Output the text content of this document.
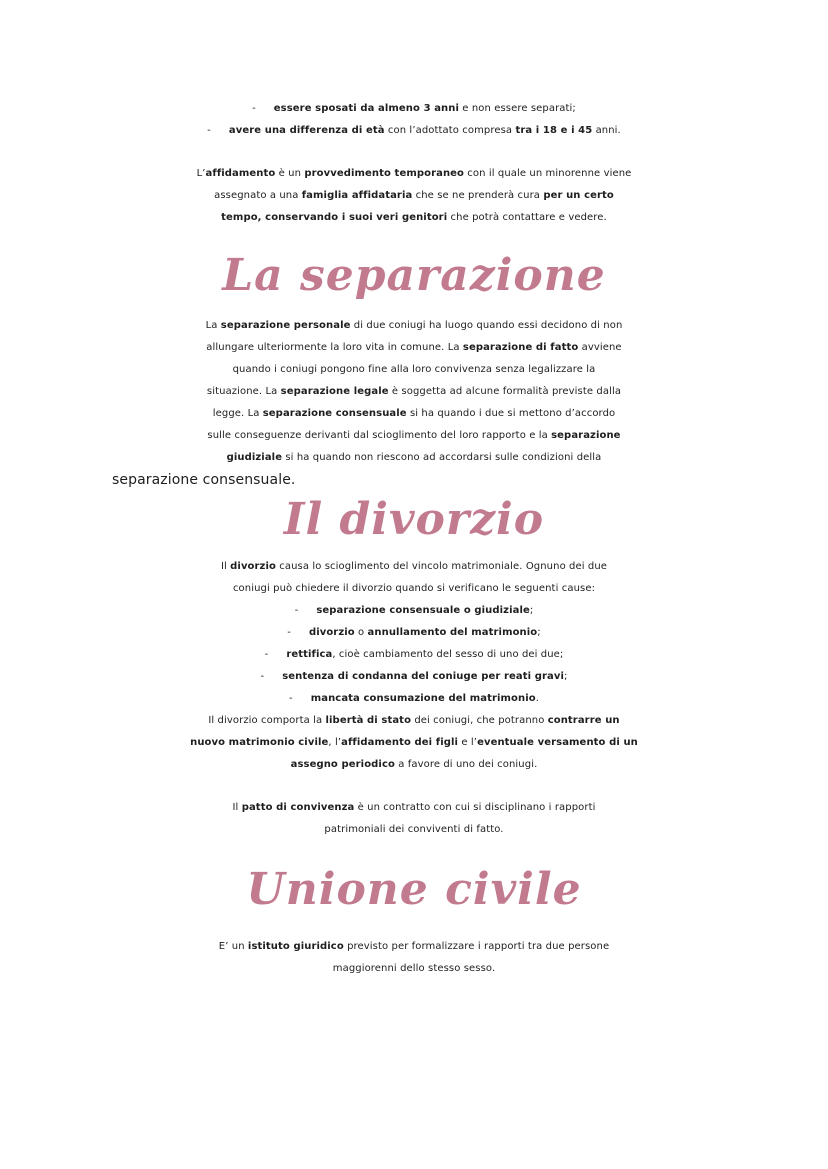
- essere sposati da almeno 3 anni e non essere separati;
- avere una differenza di età con l’adottato compresa tra i 18 e i 45 anni.
L’affidamento è un provvedimento temporaneo con il quale un minorenne viene
assegnato a una famiglia affidataria che se ne prenderà cura per un certo
tempo, conservando i suoi veri genitori che potrà contattare e vedere.
La separazione
La separazione personale di due coniugi ha luogo quando essi decidono di non
allungare ulteriormente la loro vita in comune. La separazione di fatto avviene
quando i coniugi pongono fine alla loro convivenza senza legalizzare la
situazione. La separazione legale è soggetta ad alcune formalità previste dalla
legge. La separazione consensuale si ha quando i due si mettono d’accordo
sulle conseguenze derivanti dal scioglimento del loro rapporto e la separazione
giudiziale si ha quando non riescono ad accordarsi sulle condizioni della
separazione consensuale.
Il divorzio
Il divorzio causa lo scioglimento del vincolo matrimoniale. Ognuno dei due
coniugi può chiedere il divorzio quando si verificano le seguenti cause:
- separazione consensuale o giudiziale;
- divorzio o annullamento del matrimonio;
- rettifica, cioè cambiamento del sesso di uno dei due;
- sentenza di condanna del coniuge per reati gravi;
- mancata consumazione del matrimonio.
Il divorzio comporta la libertà di stato dei coniugi, che potranno contrarre un
nuovo matrimonio civile, l’affidamento dei figli e l’eventuale versamento di un
assegno periodico a favore di uno dei coniugi.
Il patto di convivenza è un contratto con cui si disciplinano i rapporti
patrimoniali dei conviventi di fatto.
Unione civile
E’ un istituto giuridico previsto per formalizzare i rapporti tra due persone
maggiorenni dello stesso sesso.
